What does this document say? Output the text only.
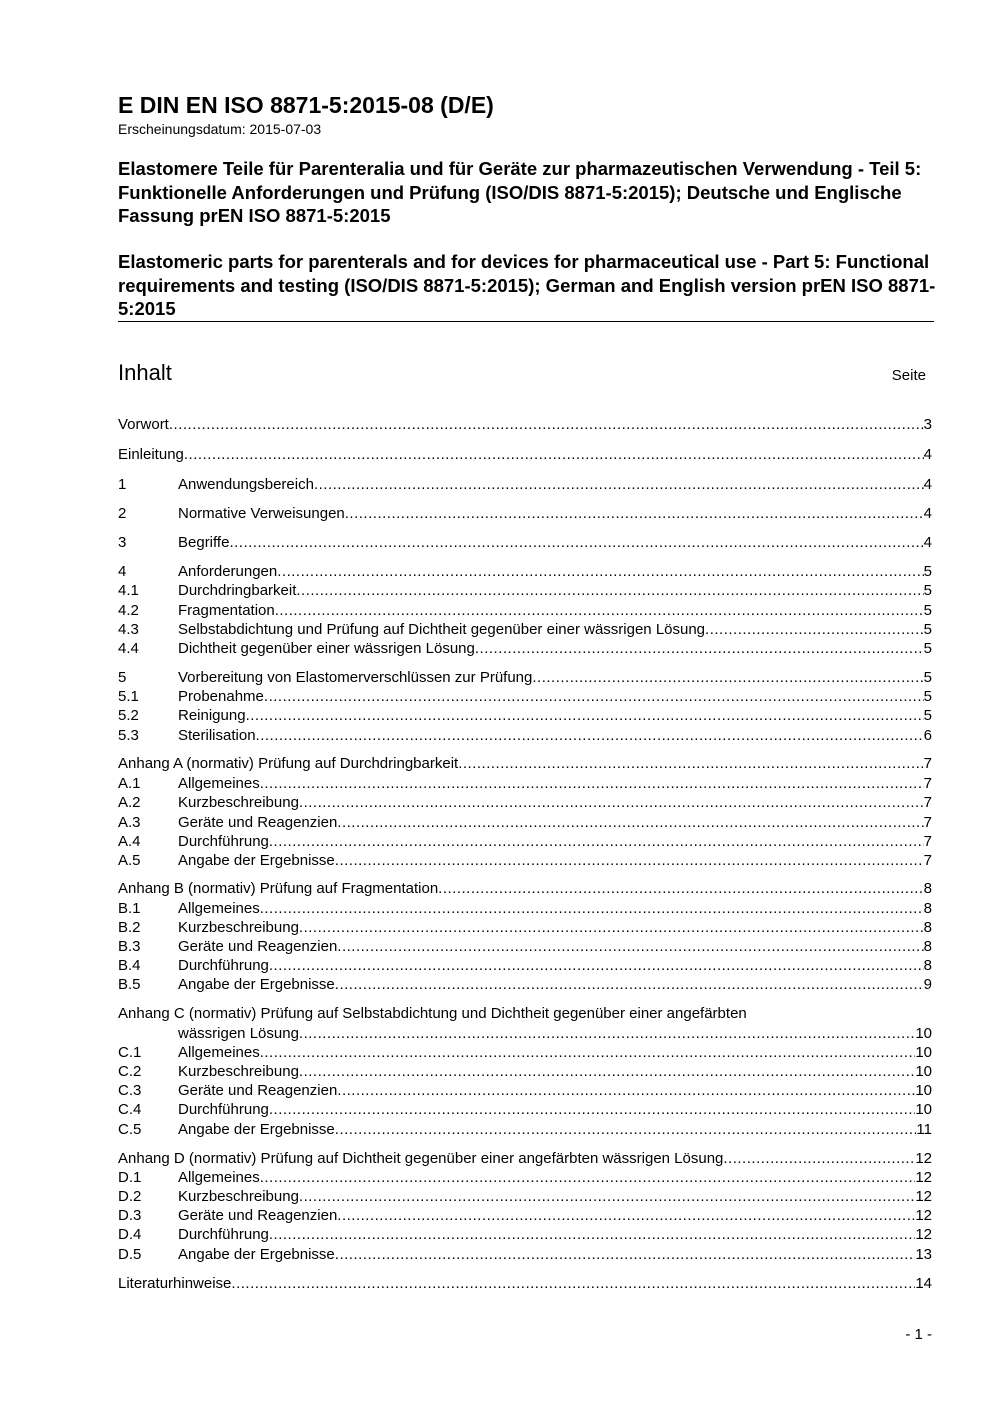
E DIN EN ISO 8871-5:2015-08 (D/E)
Erscheinungsdatum: 2015-07-03
Elastomere Teile für Parenteralia und für Geräte zur pharmazeutischen Verwendung - Teil 5: Funktionelle Anforderungen und Prüfung (ISO/DIS 8871-5:2015); Deutsche und Englische Fassung prEN ISO 8871-5:2015
Elastomeric parts for parenterals and for devices for pharmaceutical use - Part 5: Functional requirements and testing (ISO/DIS 8871-5:2015); German and English version prEN ISO 8871-5:2015
Inhalt	Seite
Vorwort .....	3
Einleitung .....	4
1	Anwendungsbereich .....	4
2	Normative Verweisungen .....	4
3	Begriffe .....	4
4	Anforderungen .....	5
4.1	Durchdringbarkeit .....	5
4.2	Fragmentation .....	5
4.3	Selbstabdichtung und Prüfung auf Dichtheit gegenüber einer wässrigen Lösung .....	5
4.4	Dichtheit gegenüber einer wässrigen Lösung .....	5
5	Vorbereitung von Elastomerverschlüssen zur Prüfung .....	5
5.1	Probenahme .....	5
5.2	Reinigung .....	5
5.3	Sterilisation .....	6
Anhang A (normativ) Prüfung auf Durchdringbarkeit .....	7
A.1	Allgemeines .....	7
A.2	Kurzbeschreibung .....	7
A.3	Geräte und Reagenzien .....	7
A.4	Durchführung .....	7
A.5	Angabe der Ergebnisse .....	7
Anhang B (normativ) Prüfung auf Fragmentation .....	8
B.1	Allgemeines .....	8
B.2	Kurzbeschreibung .....	8
B.3	Geräte und Reagenzien .....	8
B.4	Durchführung .....	8
B.5	Angabe der Ergebnisse .....	9
Anhang C (normativ) Prüfung auf Selbstabdichtung und Dichtheit gegenüber einer angefärbten
wässrigen Lösung .....	10
C.1	Allgemeines .....	10
C.2	Kurzbeschreibung .....	10
C.3	Geräte und Reagenzien .....	10
C.4	Durchführung .....	10
C.5	Angabe der Ergebnisse .....	11
Anhang D (normativ) Prüfung auf Dichtheit gegenüber einer angefärbten wässrigen Lösung .....	12
D.1	Allgemeines .....	12
D.2	Kurzbeschreibung .....	12
D.3	Geräte und Reagenzien .....	12
D.4	Durchführung .....	12
D.5	Angabe der Ergebnisse .....	13
Literaturhinweise .....	14
- 1 -
